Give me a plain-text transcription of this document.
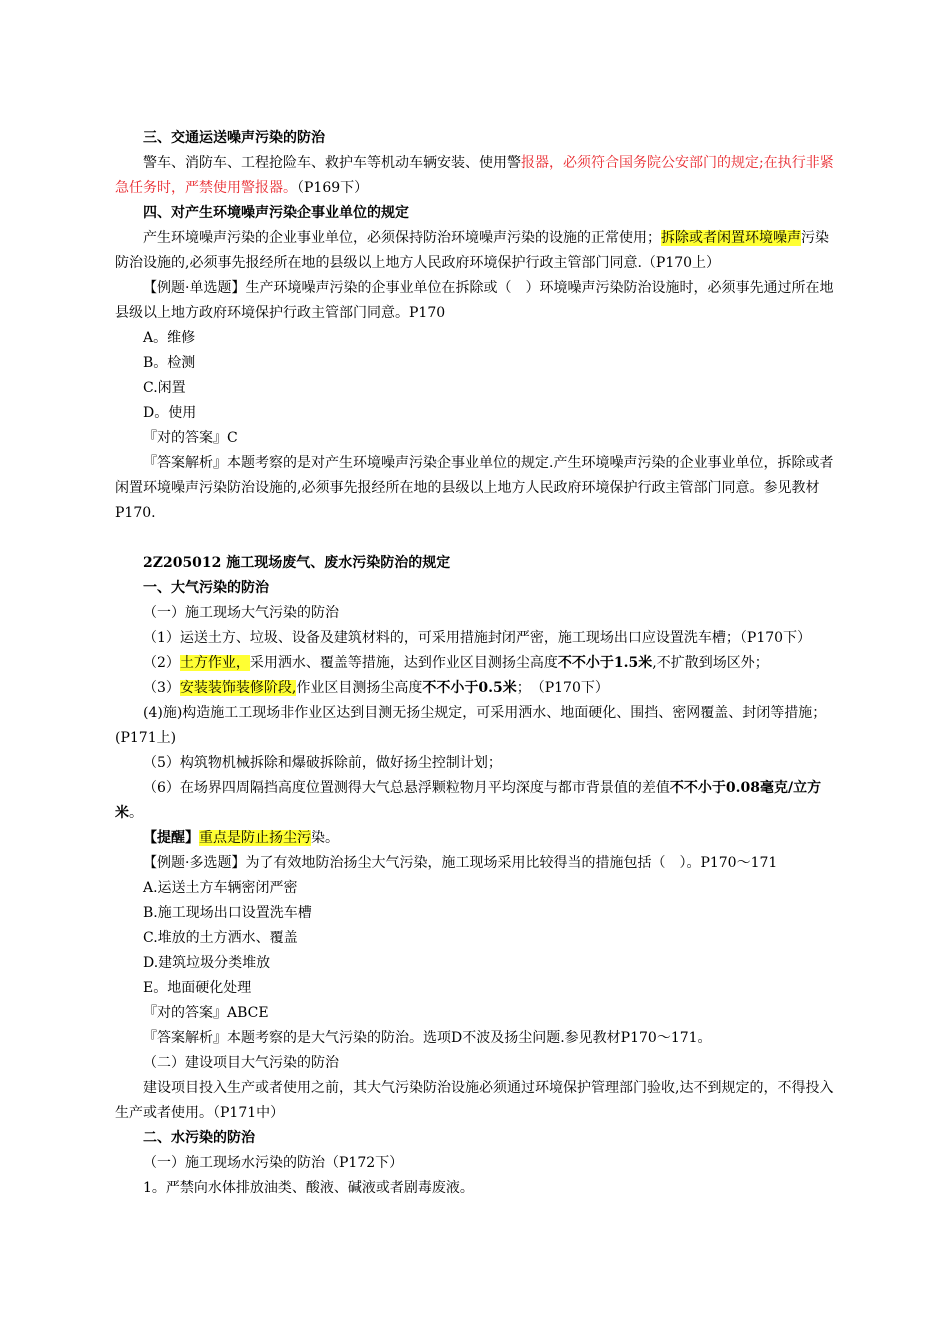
三、交通运送噪声污染的防治

警车、消防车、工程抢险车、救护车等机动车辆安装、使用警报器，必须符合国务院公安部门的规定;在执行非紧急任务时，严禁使用警报器。（P169下）

四、对产生环境噪声污染企事业单位的规定

产生环境噪声污染的企业事业单位，必须保持防治环境噪声污染的设施的正常使用；拆除或者闲置环境噪声污染防治设施的,必须事先报经所在地的县级以上地方人民政府环境保护行政主管部门同意.（P170上）

【例题·单选题】生产环境噪声污染的企事业单位在拆除或（　）环境噪声污染防治设施时，必须事先通过所在地县级以上地方政府环境保护行政主管部门同意。P170

A。维修

B。检测

C.闲置

D。使用

『对的答案』C

『答案解析』本题考察的是对产生环境噪声污染企事业单位的规定.产生环境噪声污染的企业事业单位，拆除或者闲置环境噪声污染防治设施的,必须事先报经所在地的县级以上地方人民政府环境保护行政主管部门同意。参见教材P170.

2Z205012 施工现场废气、废水污染防治的规定

一、大气污染的防治

（一）施工现场大气污染的防治

（1）运送土方、垃圾、设备及建筑材料的，可采用措施封闭严密，施工现场出口应设置洗车槽；（P170下）

（2）土方作业，采用洒水、覆盖等措施，达到作业区目测扬尘高度不不小于1.5米,不扩散到场区外；

（3）安装装饰装修阶段,作业区目测扬尘高度不不小于0.5米；　（P170下）

(4)施)构造施工工现场非作业区达到目测无扬尘规定，可采用洒水、地面硬化、围挡、密网覆盖、封闭等措施；(P171上)

（5）构筑物机械拆除和爆破拆除前，做好扬尘控制计划；

（6）在场界四周隔挡高度位置测得大气总悬浮颗粒物月平均深度与都市背景值的差值不不小于0.08毫克/立方米。

【提醒】重点是防止扬尘污染。

【例题·多选题】为了有效地防治扬尘大气污染，施工现场采用比较得当的措施包括（　）。P170～171

A.运送土方车辆密闭严密

B.施工现场出口设置洗车槽

C.堆放的土方洒水、覆盖

D.建筑垃圾分类堆放

E。地面硬化处理

『对的答案』ABCE

『答案解析』本题考察的是大气污染的防治。选项D不波及扬尘问题.参见教材P170～171。

（二）建设项目大气污染的防治

建设项目投入生产或者使用之前，其大气污染防治设施必须通过环境保护管理部门验收,达不到规定的，不得投入生产或者使用。（P171中）

二、水污染的防治

（一）施工现场水污染的防治（P172下）

1。严禁向水体排放油类、酸液、碱液或者剧毒废液。
